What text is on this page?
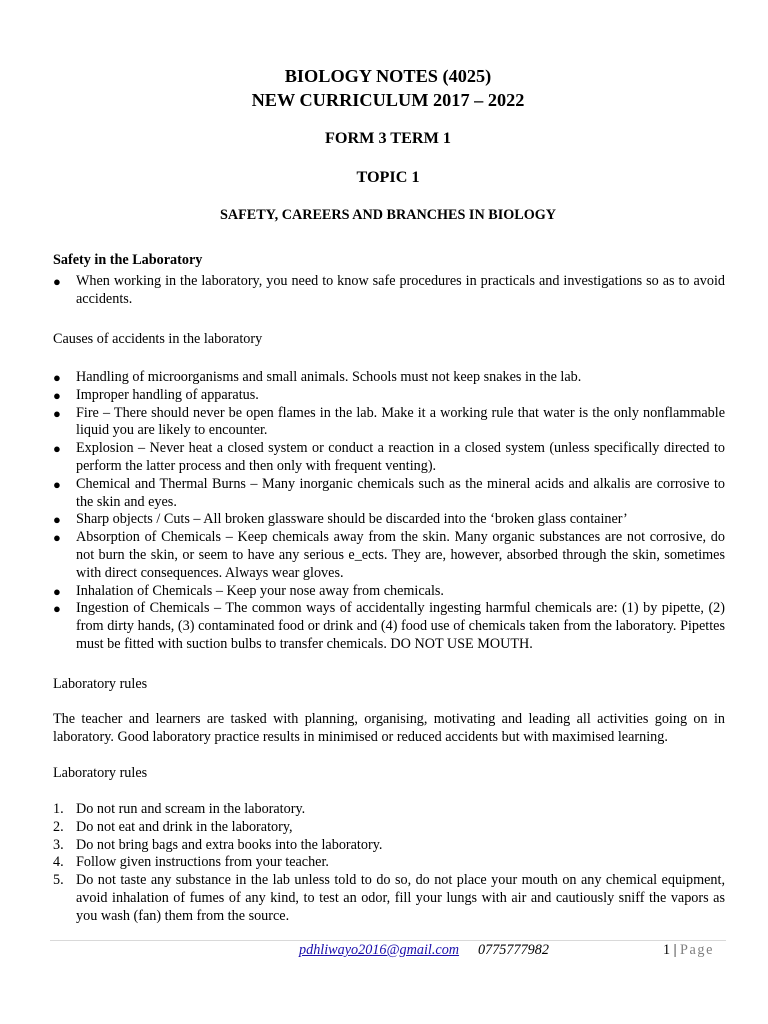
BIOLOGY NOTES (4025)
NEW CURRICULUM 2017 – 2022
FORM 3 TERM 1
TOPIC 1
SAFETY, CAREERS AND BRANCHES IN BIOLOGY
Safety in the Laboratory
● When working in the laboratory, you need to know safe procedures in practicals and investigations so as to avoid accidents.
Causes of accidents in the laboratory
● Handling of microorganisms and small animals. Schools must not keep snakes in the lab.
● Improper handling of apparatus.
● Fire – There should never be open flames in the lab. Make it a working rule that water is the only nonflammable liquid you are likely to encounter.
● Explosion – Never heat a closed system or conduct a reaction in a closed system (unless specifically directed to perform the latter process and then only with frequent venting).
● Chemical and Thermal Burns – Many inorganic chemicals such as the mineral acids and alkalis are corrosive to the skin and eyes.
● Sharp objects / Cuts – All broken glassware should be discarded into the ‘broken glass container’
● Absorption of Chemicals – Keep chemicals away from the skin. Many organic substances are not corrosive, do not burn the skin, or seem to have any serious e_ects. They are, however, absorbed through the skin, sometimes with direct consequences. Always wear gloves.
● Inhalation of Chemicals – Keep your nose away from chemicals.
● Ingestion of Chemicals – The common ways of accidentally ingesting harmful chemicals are: (1) by pipette, (2) from dirty hands, (3) contaminated food or drink and (4) food use of chemicals taken from the laboratory. Pipettes must be fitted with suction bulbs to transfer chemicals. DO NOT USE MOUTH.
Laboratory rules
The teacher and learners are tasked with planning, organising, motivating and leading all activities going on in laboratory. Good laboratory practice results in minimised or reduced accidents but with maximised learning.
Laboratory rules
1. Do not run and scream in the laboratory.
2. Do not eat and drink in the laboratory,
3. Do not bring bags and extra books into the laboratory.
4. Follow given instructions from your teacher.
5. Do not taste any substance in the lab unless told to do so, do not place your mouth on any chemical equipment, avoid inhalation of fumes of any kind, to test an odor, fill your lungs with air and cautiously sniff the vapors as you wash (fan) them from the source.
pdhliwayo2016@gmail.com 0775777982	1 | Page
